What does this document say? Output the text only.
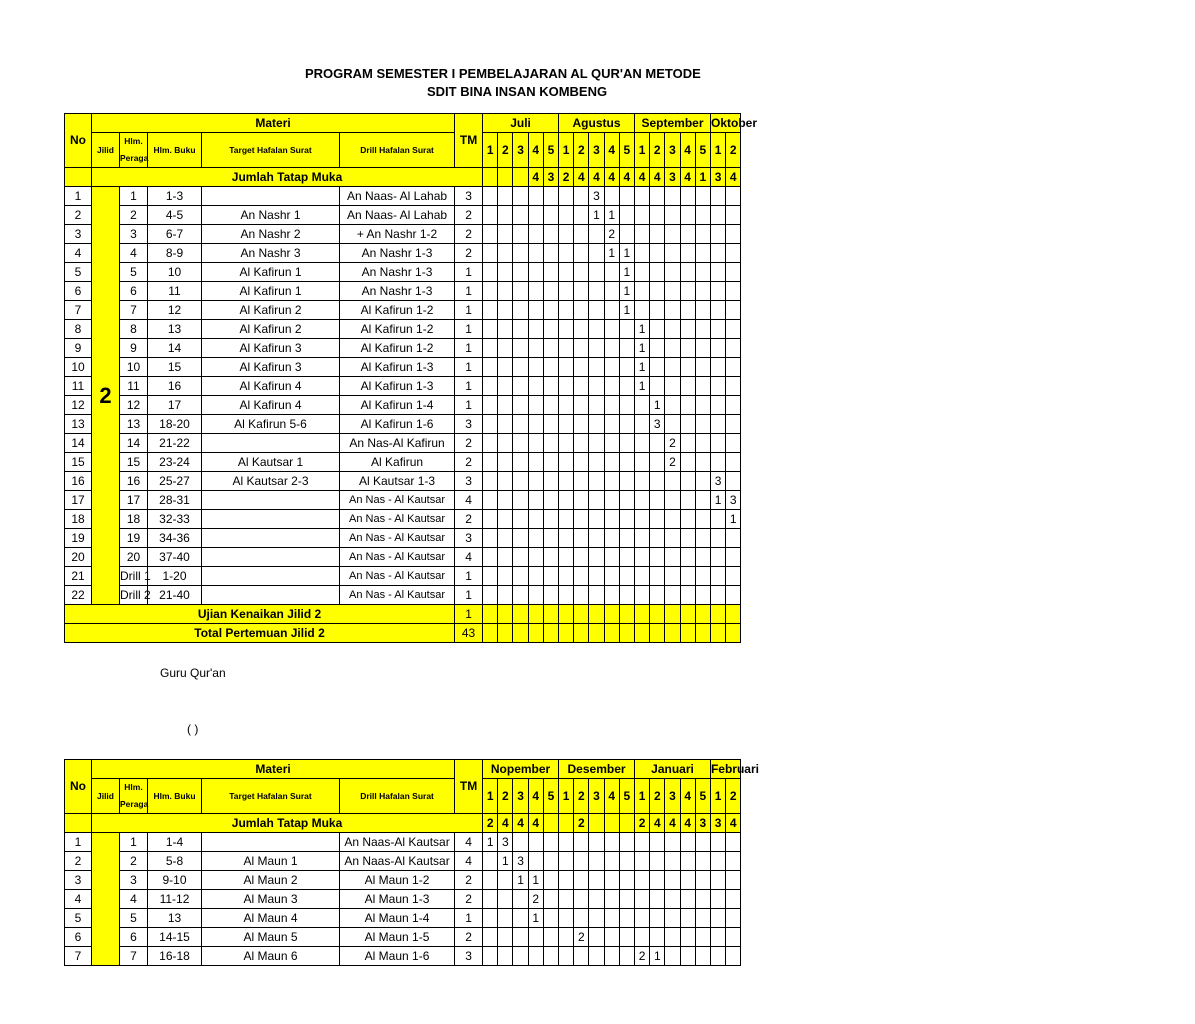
PROGRAM SEMESTER I PEMBELAJARAN AL QUR'AN METODE
SDIT BINA INSAN KOMBENG
No	Materi					TM	Juli					Agustus					September					Oktober	
	Jilid	Hlm. Peraga	Hlm. Buku	Target Hafalan Surat	Drill Hafalan Surat		1	2	3	4	5	1	2	3	4	5	1	2	3	4	5	1	2
	Jumlah Tatap Muka									4	3	2	4	4	4	4	4	4	3	4	1	3	4
1	2	1	1-3		An Naas- Al Lahab	3								3									
2		2	4-5	An Nashr 1	An Naas- Al Lahab	2								1	1								
3		3	6-7	An Nashr 2	+ An Nashr 1-2	2									2								
4		4	8-9	An Nashr 3	An Nashr 1-3	2									1	1							
5		5	10	Al Kafirun 1	An Nashr 1-3	1										1							
6		6	11	Al Kafirun 1	An Nashr 1-3	1										1							
7		7	12	Al Kafirun 2	Al Kafirun 1-2	1										1							
8		8	13	Al Kafirun 2	Al Kafirun 1-2	1											1						
9		9	14	Al Kafirun 3	Al Kafirun 1-2	1											1						
10		10	15	Al Kafirun 3	Al Kafirun 1-3	1											1						
11		11	16	Al Kafirun 4	Al Kafirun 1-3	1											1						
12		12	17	Al Kafirun 4	Al Kafirun 1-4	1												1					
13		13	18-20	Al Kafirun 5-6	Al Kafirun 1-6	3												3					
14		14	21-22		An Nas-Al Kafirun	2													2				
15		15	23-24	Al Kautsar 1	Al Kafirun	2													2				
16		16	25-27	Al Kautsar 2-3	Al Kautsar 1-3	3																3	
17		17	28-31		An Nas - Al Kautsar	4																1	3
18		18	32-33		An Nas - Al Kautsar	2																	1
19		19	34-36		An Nas - Al Kautsar	3																	
20		20	37-40		An Nas - Al Kautsar	4																	
21		Drill 1	1-20		An Nas - Al Kautsar	1																	
22		Drill 2	21-40		An Nas - Al Kautsar	1																	
Ujian Kenaikan Jilid 2						1																	
Total Pertemuan Jilid 2						43																	
Guru Qur'an
( )
No	Materi					TM	Nopember					Desember					Januari					Februari	
	Jilid	Hlm. Peraga	Hlm. Buku	Target Hafalan Surat	Drill Hafalan Surat		1	2	3	4	5	1	2	3	4	5	1	2	3	4	5	1	2
	Jumlah Tatap Muka						2	4	4	4			2				2	4	4	4	3	3	4
1		1	1-4		An Naas-Al Kautsar	4	1	3															
2		2	5-8	Al Maun 1	An Naas-Al Kautsar	4		1	3														
3		3	9-10	Al Maun 2	Al Maun 1-2	2			1	1													
4		4	11-12	Al Maun 3	Al Maun 1-3	2				2													
5		5	13	Al Maun 4	Al Maun 1-4	1				1													
6		6	14-15	Al Maun 5	Al Maun 1-5	2							2										
7		7	16-18	Al Maun 6	Al Maun 1-6	3											2	1					
